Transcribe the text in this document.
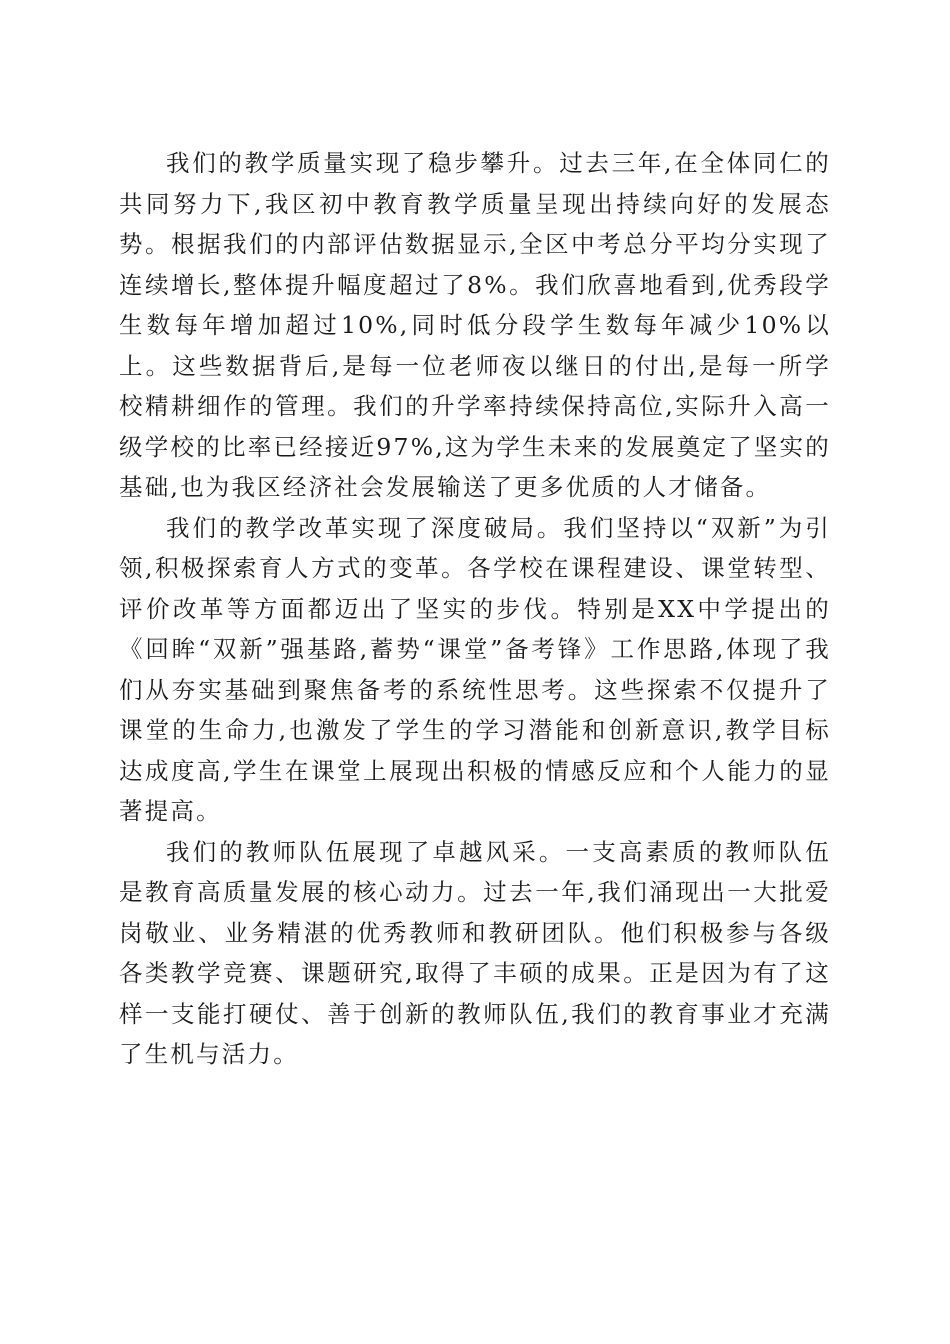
我们的教学质量实现了稳步攀升。过去三年,在全体同仁的共同努力下,我区初中教育教学质量呈现出持续向好的发展态势。根据我们的内部评估数据显示,全区中考总分平均分实现了连续增长,整体提升幅度超过了8%。我们欣喜地看到,优秀段学生数每年增加超过10%,同时低分段学生数每年减少10%以上。这些数据背后,是每一位老师夜以继日的付出,是每一所学校精耕细作的管理。我们的升学率持续保持高位,实际升入高一级学校的比率已经接近97%,这为学生未来的发展奠定了坚实的基础,也为我区经济社会发展输送了更多优质的人才储备。

我们的教学改革实现了深度破局。我们坚持以“双新”为引领,积极探索育人方式的变革。各学校在课程建设、课堂转型、评价改革等方面都迈出了坚实的步伐。特别是XX中学提出的《回眸“双新”强基路,蓄势“课堂”备考锋》工作思路,体现了我们从夯实基础到聚焦备考的系统性思考。这些探索不仅提升了课堂的生命力,也激发了学生的学习潜能和创新意识,教学目标达成度高,学生在课堂上展现出积极的情感反应和个人能力的显著提高。

我们的教师队伍展现了卓越风采。一支高素质的教师队伍是教育高质量发展的核心动力。过去一年,我们涌现出一大批爱岗敬业、业务精湛的优秀教师和教研团队。他们积极参与各级各类教学竞赛、课题研究,取得了丰硕的成果。正是因为有了这样一支能打硬仗、善于创新的教师队伍,我们的教育事业才充满了生机与活力。
